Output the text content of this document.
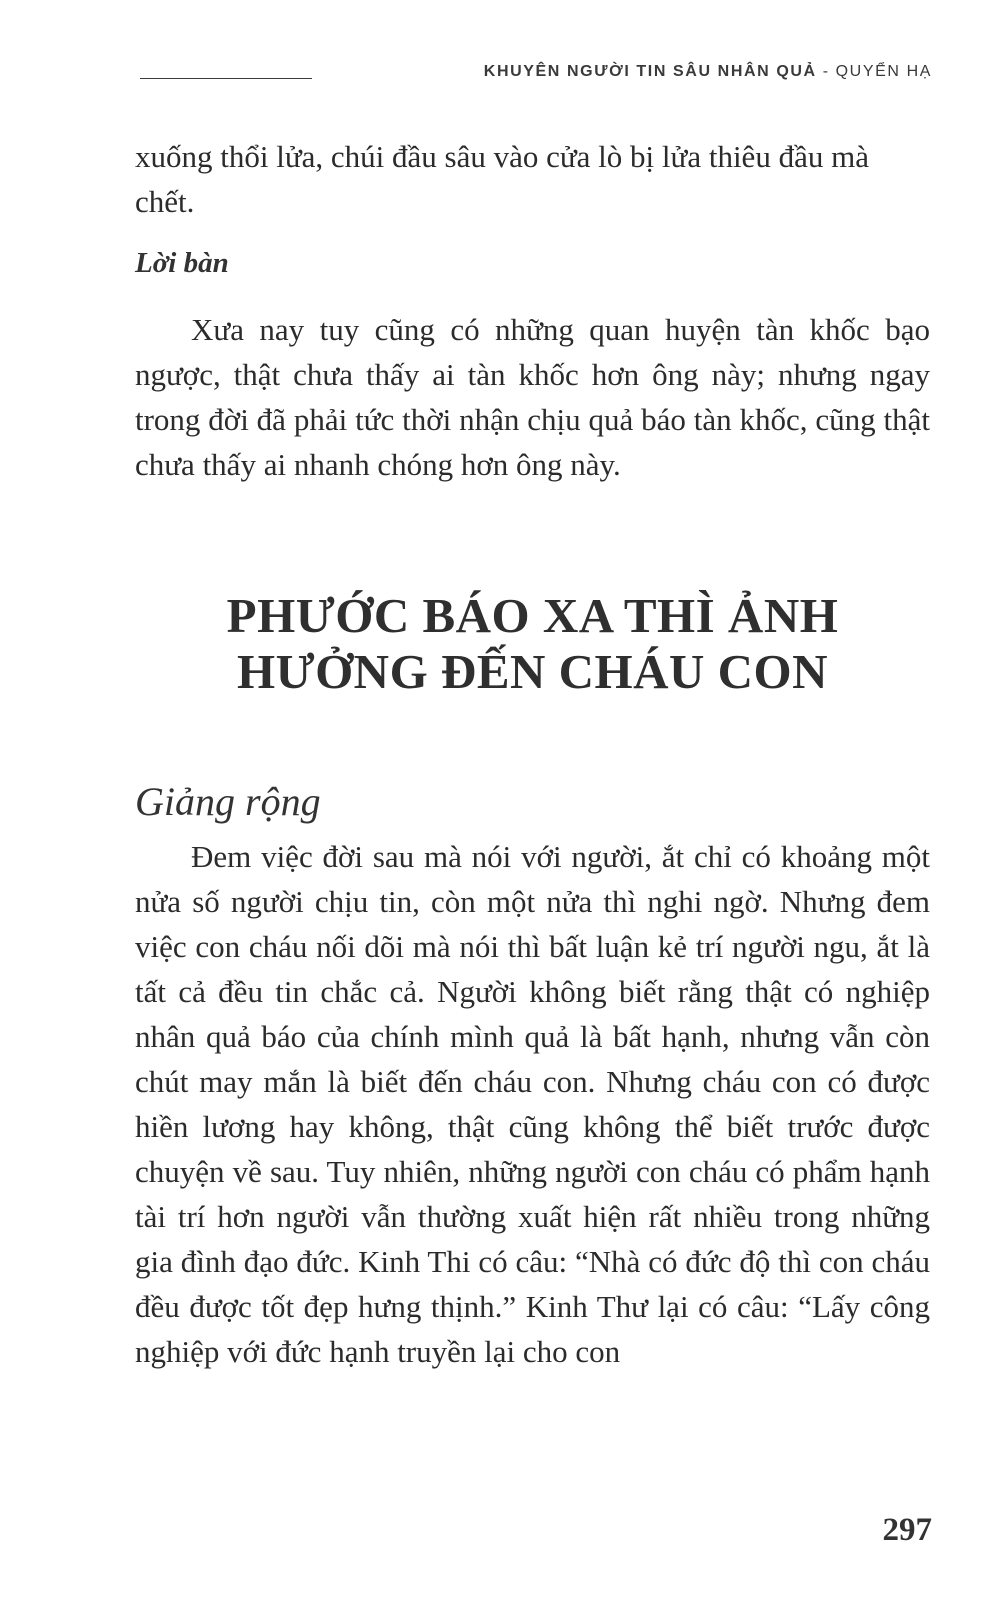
KHUYÊN NGƯỜI TIN SÂU NHÂN QUẢ - QUYỂN HẠ
xuống thổi lửa, chúi đầu sâu vào cửa lò bị lửa thiêu đầu mà chết.
Lời bàn
Xưa nay tuy cũng có những quan huyện tàn khốc bạo ngược, thật chưa thấy ai tàn khốc hơn ông này; nhưng ngay trong đời đã phải tức thời nhận chịu quả báo tàn khốc, cũng thật chưa thấy ai nhanh chóng hơn ông này.
PHƯỚC BÁO XA THÌ ẢNH
HƯỞNG ĐẾN CHÁU CON
Giảng rộng
Đem việc đời sau mà nói với người, ắt chỉ có khoảng một nửa số người chịu tin, còn một nửa thì nghi ngờ. Nhưng đem việc con cháu nối dõi mà nói thì bất luận kẻ trí người ngu, ắt là tất cả đều tin chắc cả. Người không biết rằng thật có nghiệp nhân quả báo của chính mình quả là bất hạnh, nhưng vẫn còn chút may mắn là biết đến cháu con. Nhưng cháu con có được hiền lương hay không, thật cũng không thể biết trước được chuyện về sau. Tuy nhiên, những người con cháu có phẩm hạnh tài trí hơn người vẫn thường xuất hiện rất nhiều trong những gia đình đạo đức. Kinh Thi có câu: “Nhà có đức độ thì con cháu đều được tốt đẹp hưng thịnh.” Kinh Thư lại có câu: “Lấy công nghiệp với đức hạnh truyền lại cho con
297
